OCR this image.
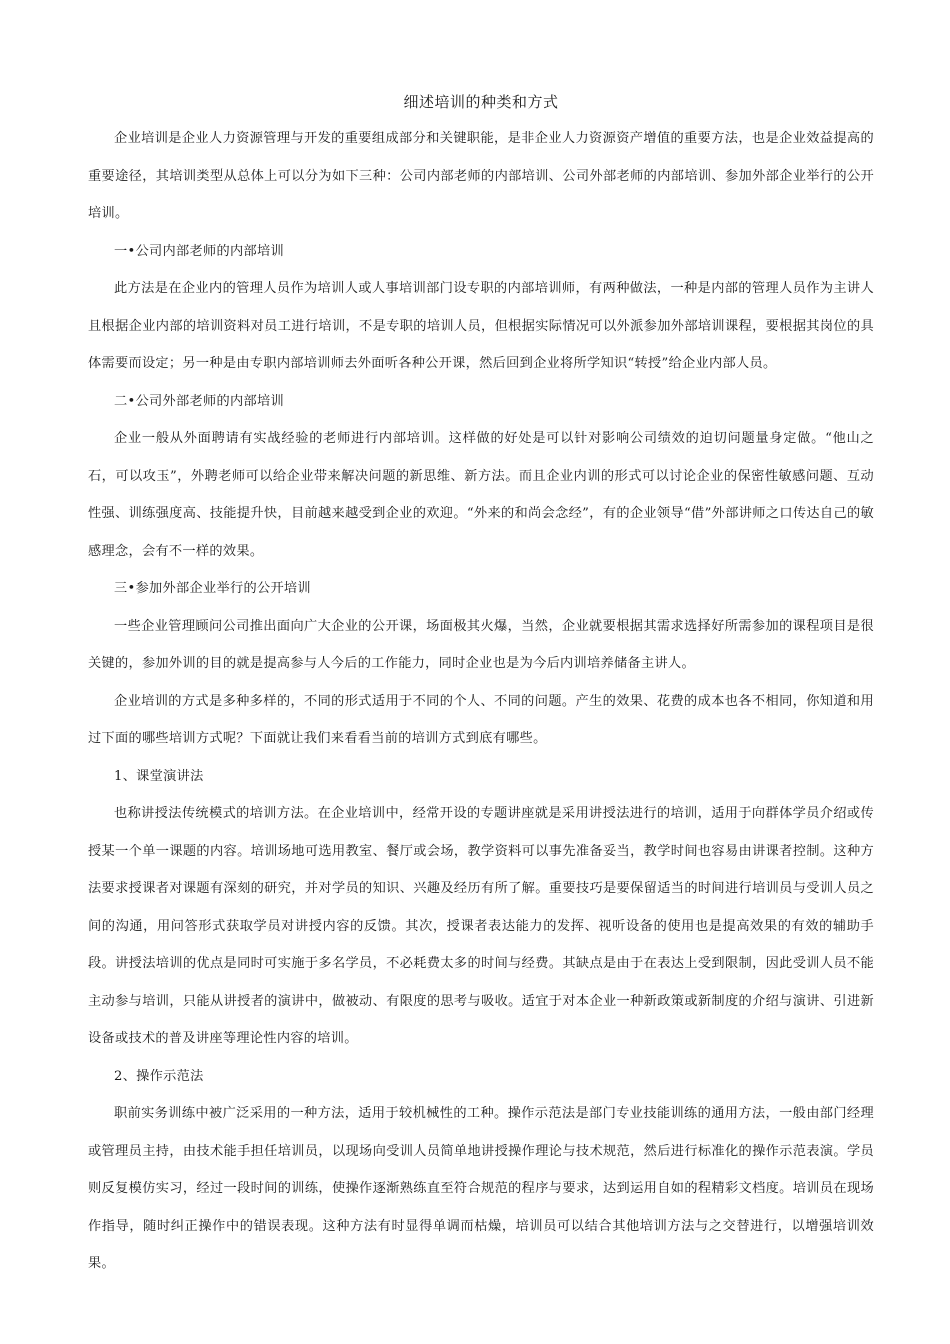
细述培训的种类和方式

企业培训是企业人力资源管理与开发的重要组成部分和关键职能，是非企业人力资源资产增值的重要方法，也是企业效益提高的重要途径，其培训类型从总体上可以分为如下三种：公司内部老师的内部培训、公司外部老师的内部培训、参加外部企业举行的公开培训。

一•公司内部老师的内部培训

此方法是在企业内的管理人员作为培训人或人事培训部门设专职的内部培训师，有两种做法，一种是内部的管理人员作为主讲人且根据企业内部的培训资料对员工进行培训，不是专职的培训人员，但根据实际情况可以外派参加外部培训课程，要根据其岗位的具体需要而设定；另一种是由专职内部培训师去外面听各种公开课，然后回到企业将所学知识“转授”给企业内部人员。

二•公司外部老师的内部培训

企业一般从外面聘请有实战经验的老师进行内部培训。这样做的好处是可以针对影响公司绩效的迫切问题量身定做。“他山之石，可以攻玉”，外聘老师可以给企业带来解决问题的新思维、新方法。而且企业内训的形式可以讨论企业的保密性敏感问题、互动性强、训练强度高、技能提升快，目前越来越受到企业的欢迎。“外来的和尚会念经”，有的企业领导“借”外部讲师之口传达自己的敏感理念，会有不一样的效果。

三•参加外部企业举行的公开培训

一些企业管理顾问公司推出面向广大企业的公开课，场面极其火爆，当然，企业就要根据其需求选择好所需参加的课程项目是很关键的，参加外训的目的就是提高参与人今后的工作能力，同时企业也是为今后内训培养储备主讲人。

企业培训的方式是多种多样的，不同的形式适用于不同的个人、不同的问题。产生的效果、花费的成本也各不相同，你知道和用过下面的哪些培训方式呢？下面就让我们来看看当前的培训方式到底有哪些。

1、课堂演讲法

也称讲授法传统模式的培训方法。在企业培训中，经常开设的专题讲座就是采用讲授法进行的培训，适用于向群体学员介绍或传授某一个单一课题的内容。培训场地可选用教室、餐厅或会场，教学资料可以事先准备妥当，教学时间也容易由讲课者控制。这种方法要求授课者对课题有深刻的研究，并对学员的知识、兴趣及经历有所了解。重要技巧是要保留适当的时间进行培训员与受训人员之间的沟通，用问答形式获取学员对讲授内容的反馈。其次，授课者表达能力的发挥、视听设备的使用也是提高效果的有效的辅助手段。讲授法培训的优点是同时可实施于多名学员，不必耗费太多的时间与经费。其缺点是由于在表达上受到限制，因此受训人员不能主动参与培训，只能从讲授者的演讲中，做被动、有限度的思考与吸收。适宜于对本企业一种新政策或新制度的介绍与演讲、引进新设备或技术的普及讲座等理论性内容的培训。

2、操作示范法

职前实务训练中被广泛采用的一种方法，适用于较机械性的工种。操作示范法是部门专业技能训练的通用方法，一般由部门经理或管理员主持，由技术能手担任培训员，以现场向受训人员简单地讲授操作理论与技术规范，然后进行标准化的操作示范表演。学员则反复模仿实习，经过一段时间的训练，使操作逐渐熟练直至符合规范的程序与要求，达到运用自如的程精彩文档度。培训员在现场作指导，随时纠正操作中的错误表现。这种方法有时显得单调而枯燥，培训员可以结合其他培训方法与之交替进行，以增强培训效果。
